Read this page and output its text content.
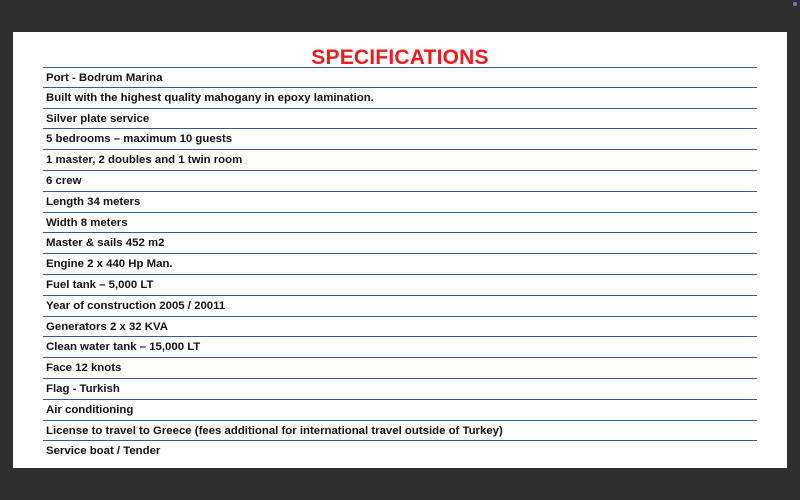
SPECIFICATIONS
Port - Bodrum Marina
Built with the highest quality mahogany in epoxy lamination.
Silver plate service
5 bedrooms – maximum 10 guests
1 master, 2 doubles and 1 twin room
6 crew
Length 34 meters
Width 8 meters
Master & sails 452 m2
Engine 2 x 440 Hp Man.
Fuel tank – 5,000 LT
Year of construction 2005 / 20011
Generators 2 x 32 KVA
Clean water tank – 15,000 LT
Face 12 knots
Flag - Turkish
Air conditioning
License to travel to Greece (fees additional for international travel outside of Turkey)
Service boat / Tender
